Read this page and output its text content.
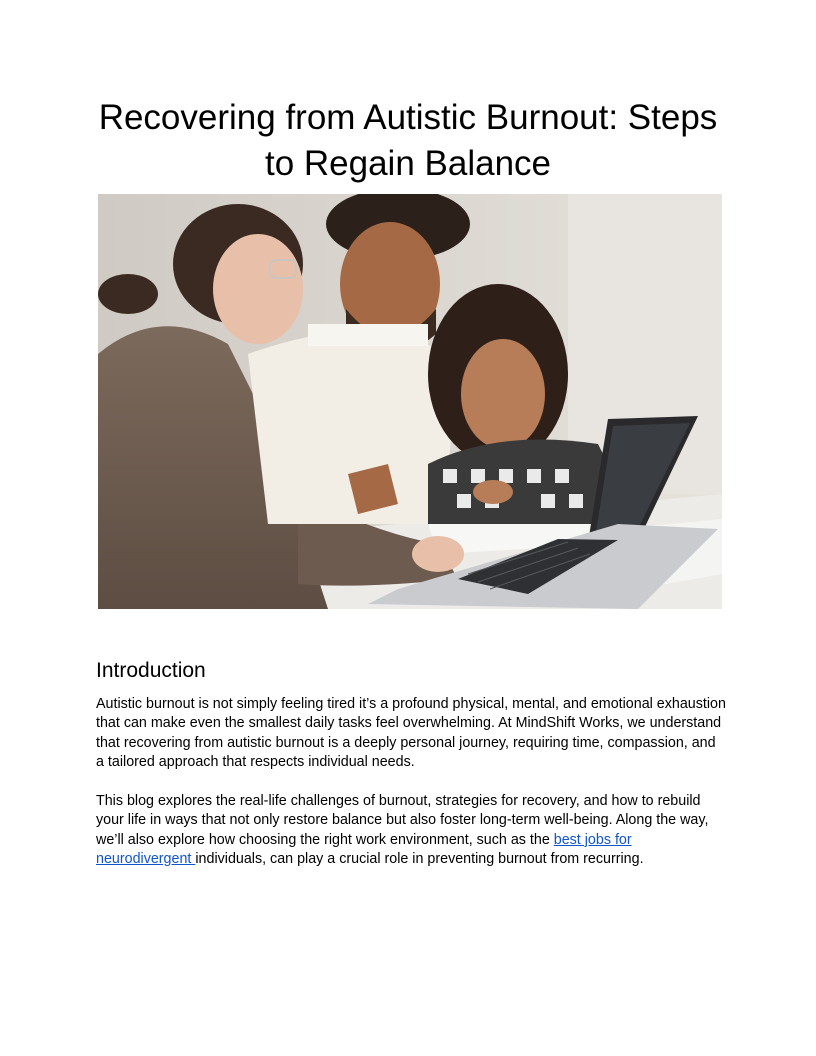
Recovering from Autistic Burnout: Steps to Regain Balance
Introduction

Autistic burnout is not simply feeling tired it’s a profound physical, mental, and emotional exhaustion that can make even the smallest daily tasks feel overwhelming. At MindShift Works, we understand that recovering from autistic burnout is a deeply personal journey, requiring time, compassion, and a tailored approach that respects individual needs.

This blog explores the real-life challenges of burnout, strategies for recovery, and how to rebuild your life in ways that not only restore balance but also foster long-term well-being. Along the way, we’ll also explore how choosing the right work environment, such as the best jobs for neurodivergent individuals, can play a crucial role in preventing burnout from recurring.
